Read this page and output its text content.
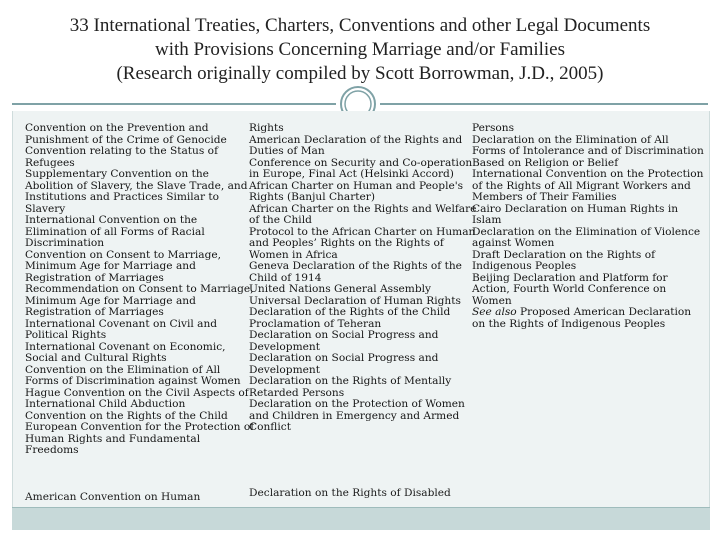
33 International Treaties, Charters, Conventions and other Legal Documents
with Provisions Concerning Marriage and/or Families
(Research originally compiled by Scott Borrowman, J.D., 2005)

Convention on the Prevention and Punishment of the Crime of Genocide

Convention relating to the Status of Refugees

Supplementary Convention on the Abolition of Slavery, the Slave Trade, and Institutions and Practices Similar to Slavery

International Convention on the Elimination of all Forms of Racial Discrimination

Convention on Consent to Marriage, Minimum Age for Marriage and Registration of Marriages

Recommendation on Consent to Marriage, Minimum Age for Marriage and Registration of Marriages

International Covenant on Civil and Political Rights

International Covenant on Economic, Social and Cultural Rights

Convention on the Elimination of All Forms of Discrimination against Women

Hague Convention on the Civil Aspects of International Child Abduction

Convention on the Rights of the Child

European Convention for the Protection of Human Rights and Fundamental Freedoms

Rights

American Declaration of the Rights and Duties of Man

Conference on Security and Co-operation in Europe, Final Act (Helsinki Accord)

African Charter on Human and People's Rights (Banjul Charter)

African Charter on the Rights and Welfare of the Child

Protocol to the African Charter on Human and Peoples’ Rights on the Rights of Women in Africa

Geneva Declaration of the Rights of the Child of 1914

United Nations General Assembly Universal Declaration of Human Rights

Declaration of the Rights of the Child

Proclamation of Teheran

Declaration on Social Progress and Development

Declaration on Social Progress and Development

Declaration on the Rights of Mentally Retarded Persons

Declaration on the Protection of Women and Children in Emergency and Armed Conflict

Persons

Declaration on the Elimination of All Forms of Intolerance and of Discrimination Based on Religion or Belief

International Convention on the Protection of the Rights of All Migrant Workers and Members of Their Families

Cairo Declaration on Human Rights in Islam

Declaration on the Elimination of Violence against Women

Draft Declaration on the Rights of Indigenous Peoples

Beijing Declaration and Platform for Action, Fourth World Conference on Women

See also Proposed American Declaration on the Rights of Indigenous Peoples

American Convention on Human	Declaration on the Rights of Disabled
